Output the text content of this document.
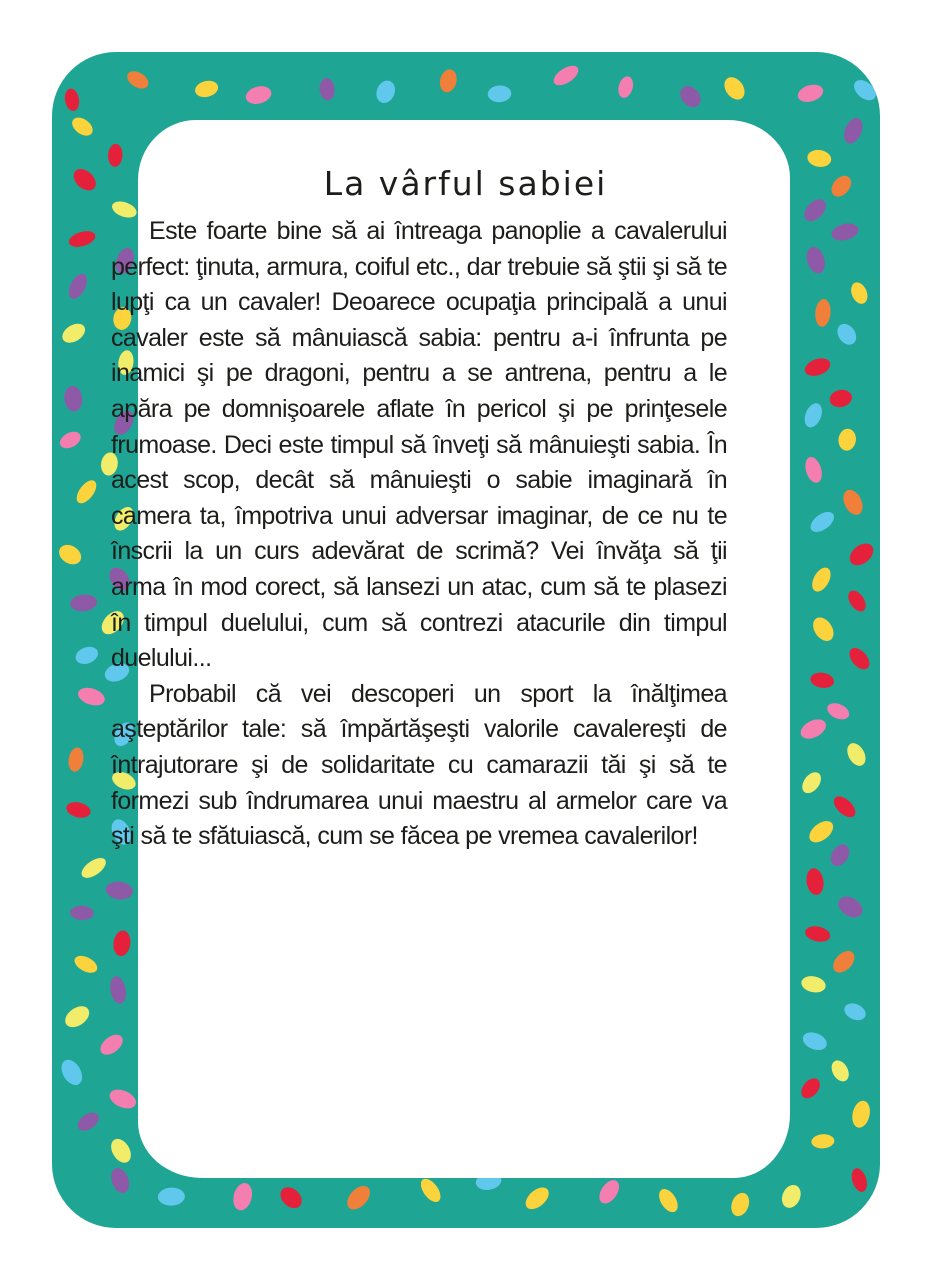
La vârful sabiei

Este foarte bine să ai întreaga panoplie a cavalerului perfect: ţinuta, armura, coiful etc., dar trebuie să ştii şi să te lupţi ca un cavaler! Deoarece ocupaţia principală a unui cavaler este să mânuiască sabia: pentru a-i înfrunta pe inamici şi pe dragoni, pentru a se antrena, pentru a le apăra pe domnişoarele aflate în pericol şi pe prinţesele frumoase. Deci este timpul să înveţi să mânuieşti sabia. În acest scop, decât să mânuieşti o sabie imaginară în camera ta, împotriva unui adversar imaginar, de ce nu te înscrii la un curs adevărat de scrimă? Vei învăţa să ţii arma în mod corect, să lansezi un atac, cum să te plasezi în timpul duelului, cum să contrezi atacurile din timpul duelului...

Probabil că vei descoperi un sport la înălţimea aşteptărilor tale: să împărtăşeşti valorile cavalereşti de întrajutorare şi de solidaritate cu camarazii tăi şi să te formezi sub îndrumarea unui maestru al armelor care va şti să te sfătuiască, cum se făcea pe vremea cavalerilor!
